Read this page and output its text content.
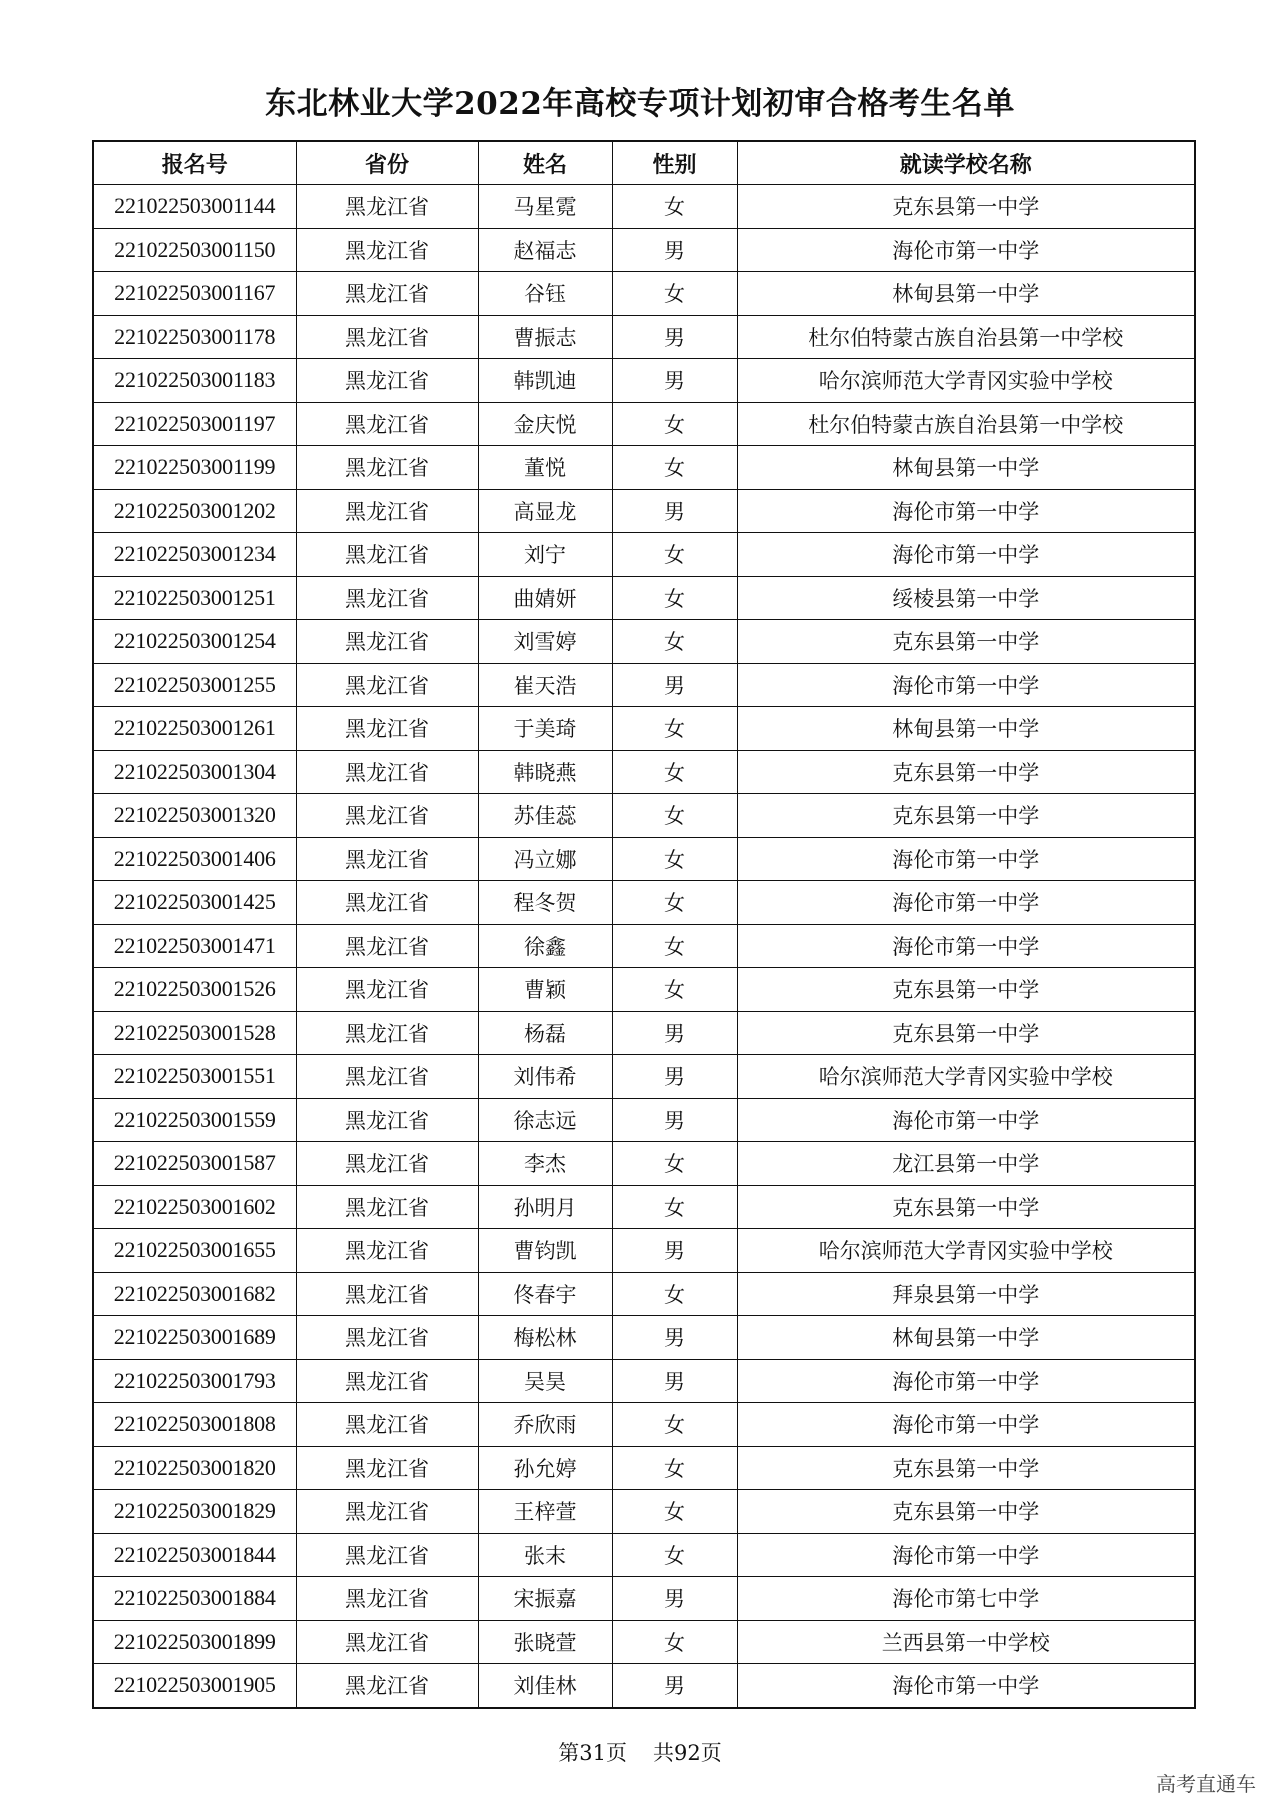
东北林业大学2022年高校专项计划初审合格考生名单
报名号	省份	姓名	性别	就读学校名称
221022503001144	黑龙江省	马星霓	女	克东县第一中学
221022503001150	黑龙江省	赵福志	男	海伦市第一中学
221022503001167	黑龙江省	谷钰	女	林甸县第一中学
221022503001178	黑龙江省	曹振志	男	杜尔伯特蒙古族自治县第一中学校
221022503001183	黑龙江省	韩凯迪	男	哈尔滨师范大学青冈实验中学校
221022503001197	黑龙江省	金庆悦	女	杜尔伯特蒙古族自治县第一中学校
221022503001199	黑龙江省	董悦	女	林甸县第一中学
221022503001202	黑龙江省	高显龙	男	海伦市第一中学
221022503001234	黑龙江省	刘宁	女	海伦市第一中学
221022503001251	黑龙江省	曲婧妍	女	绥棱县第一中学
221022503001254	黑龙江省	刘雪婷	女	克东县第一中学
221022503001255	黑龙江省	崔天浩	男	海伦市第一中学
221022503001261	黑龙江省	于美琦	女	林甸县第一中学
221022503001304	黑龙江省	韩晓燕	女	克东县第一中学
221022503001320	黑龙江省	苏佳蕊	女	克东县第一中学
221022503001406	黑龙江省	冯立娜	女	海伦市第一中学
221022503001425	黑龙江省	程冬贺	女	海伦市第一中学
221022503001471	黑龙江省	徐鑫	女	海伦市第一中学
221022503001526	黑龙江省	曹颖	女	克东县第一中学
221022503001528	黑龙江省	杨磊	男	克东县第一中学
221022503001551	黑龙江省	刘伟希	男	哈尔滨师范大学青冈实验中学校
221022503001559	黑龙江省	徐志远	男	海伦市第一中学
221022503001587	黑龙江省	李杰	女	龙江县第一中学
221022503001602	黑龙江省	孙明月	女	克东县第一中学
221022503001655	黑龙江省	曹钧凯	男	哈尔滨师范大学青冈实验中学校
221022503001682	黑龙江省	佟春宇	女	拜泉县第一中学
221022503001689	黑龙江省	梅松林	男	林甸县第一中学
221022503001793	黑龙江省	吴昊	男	海伦市第一中学
221022503001808	黑龙江省	乔欣雨	女	海伦市第一中学
221022503001820	黑龙江省	孙允婷	女	克东县第一中学
221022503001829	黑龙江省	王梓萱	女	克东县第一中学
221022503001844	黑龙江省	张末	女	海伦市第一中学
221022503001884	黑龙江省	宋振嘉	男	海伦市第七中学
221022503001899	黑龙江省	张晓萱	女	兰西县第一中学校
221022503001905	黑龙江省	刘佳林	男	海伦市第一中学
第31页 共92页
高考直通车
